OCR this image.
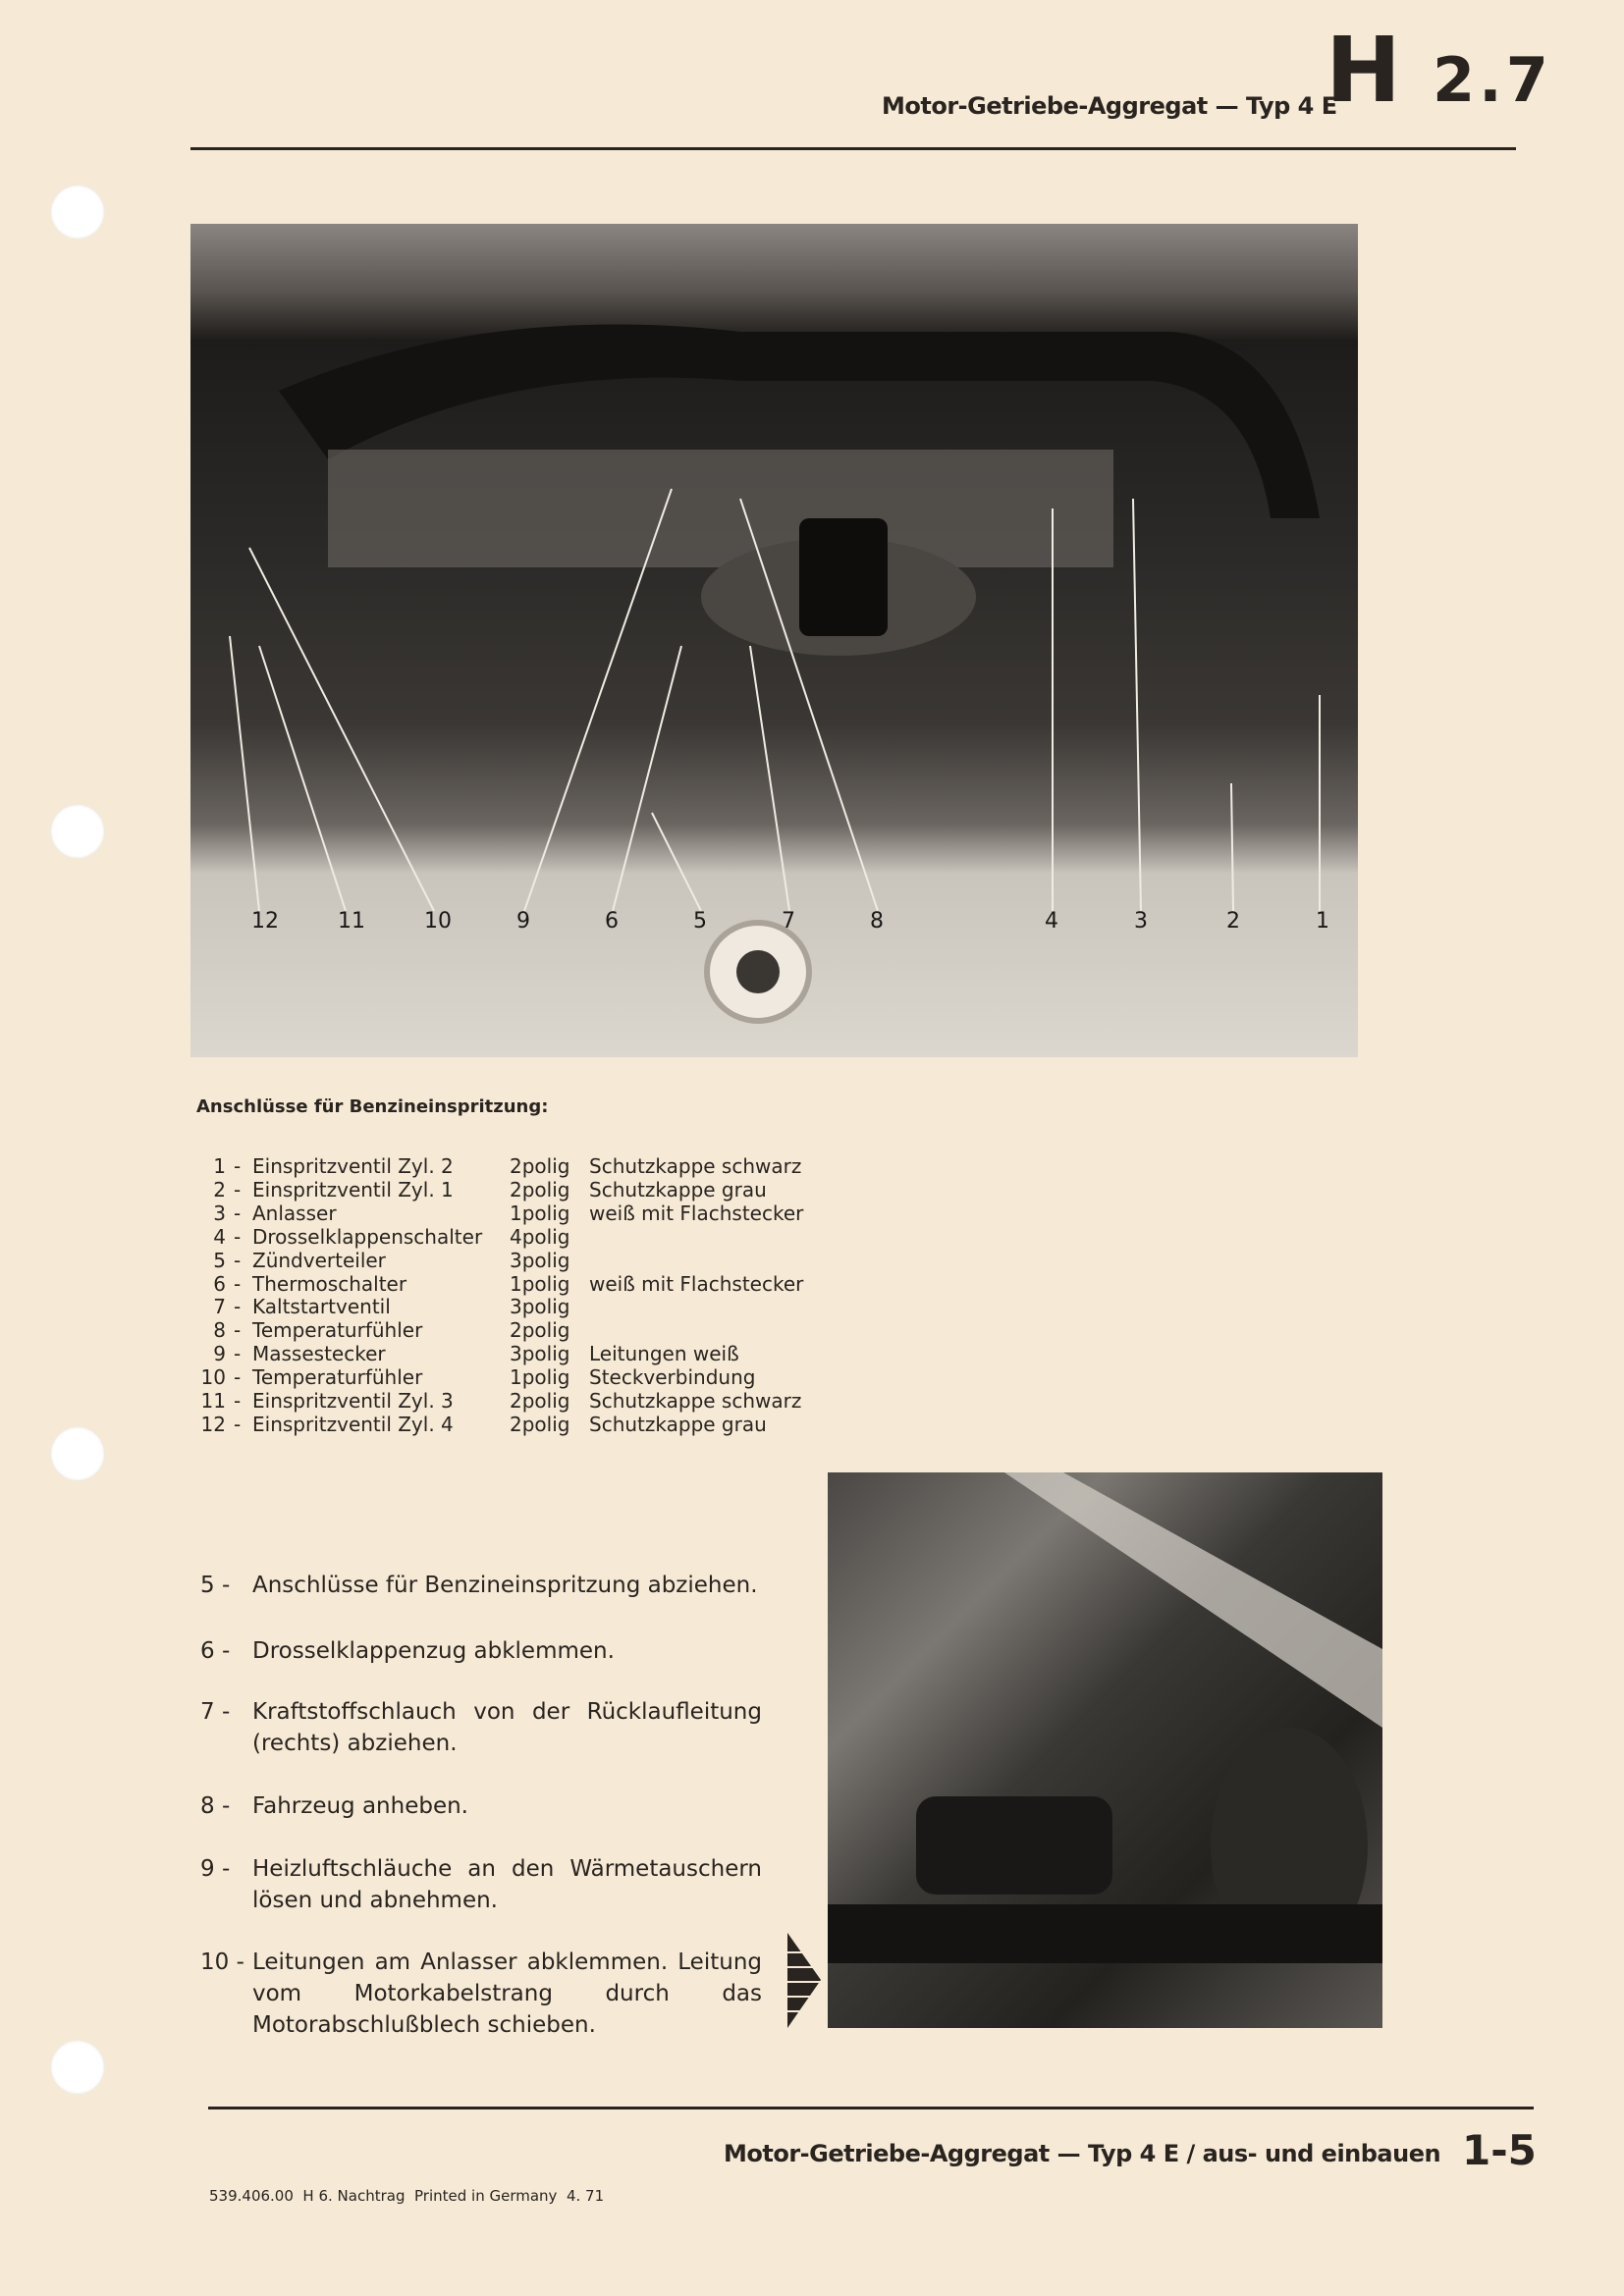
Motor-Getriebe-Aggregat — Typ 4 E
H 2.7
12	11	10	9	6	5	7	8	4	3	2	1
Anschlüsse für Benzineinspritzung:
1 - Einspritzventil Zyl. 2	2polig Schutzkappe schwarz
2 - Einspritzventil Zyl. 1	2polig Schutzkappe grau
3 - Anlasser	1polig weiß mit Flachstecker
4 - Drosselklappenschalter 4polig
5 - Zündverteiler	3polig
6 - Thermoschalter	1polig weiß mit Flachstecker
7 - Kaltstartventil	3polig
8 - Temperaturfühler	2polig
9 - Massestecker	3polig Leitungen weiß
10 - Temperaturfühler	1polig Steckverbindung
11 - Einspritzventil Zyl. 3	2polig Schutzkappe schwarz
12 - Einspritzventil Zyl. 4	2polig Schutzkappe grau
5 - Anschlüsse für Benzineinspritzung abziehen.
6 - Drosselklappenzug abklemmen.
7 - Kraftstoffschlauch von der Rücklaufleitung (rechts) abziehen.
8 - Fahrzeug anheben.
9 - Heizluftschläuche an den Wärmetauschern lösen und abnehmen.
10 - Leitungen am Anlasser abklemmen. Leitung vom Motorkabelstrang durch das Motorabschlußblech schieben.
Motor-Getriebe-Aggregat — Typ 4 E / aus- und einbauen 1-5
539.406.00  H 6. Nachtrag  Printed in Germany  4. 71
